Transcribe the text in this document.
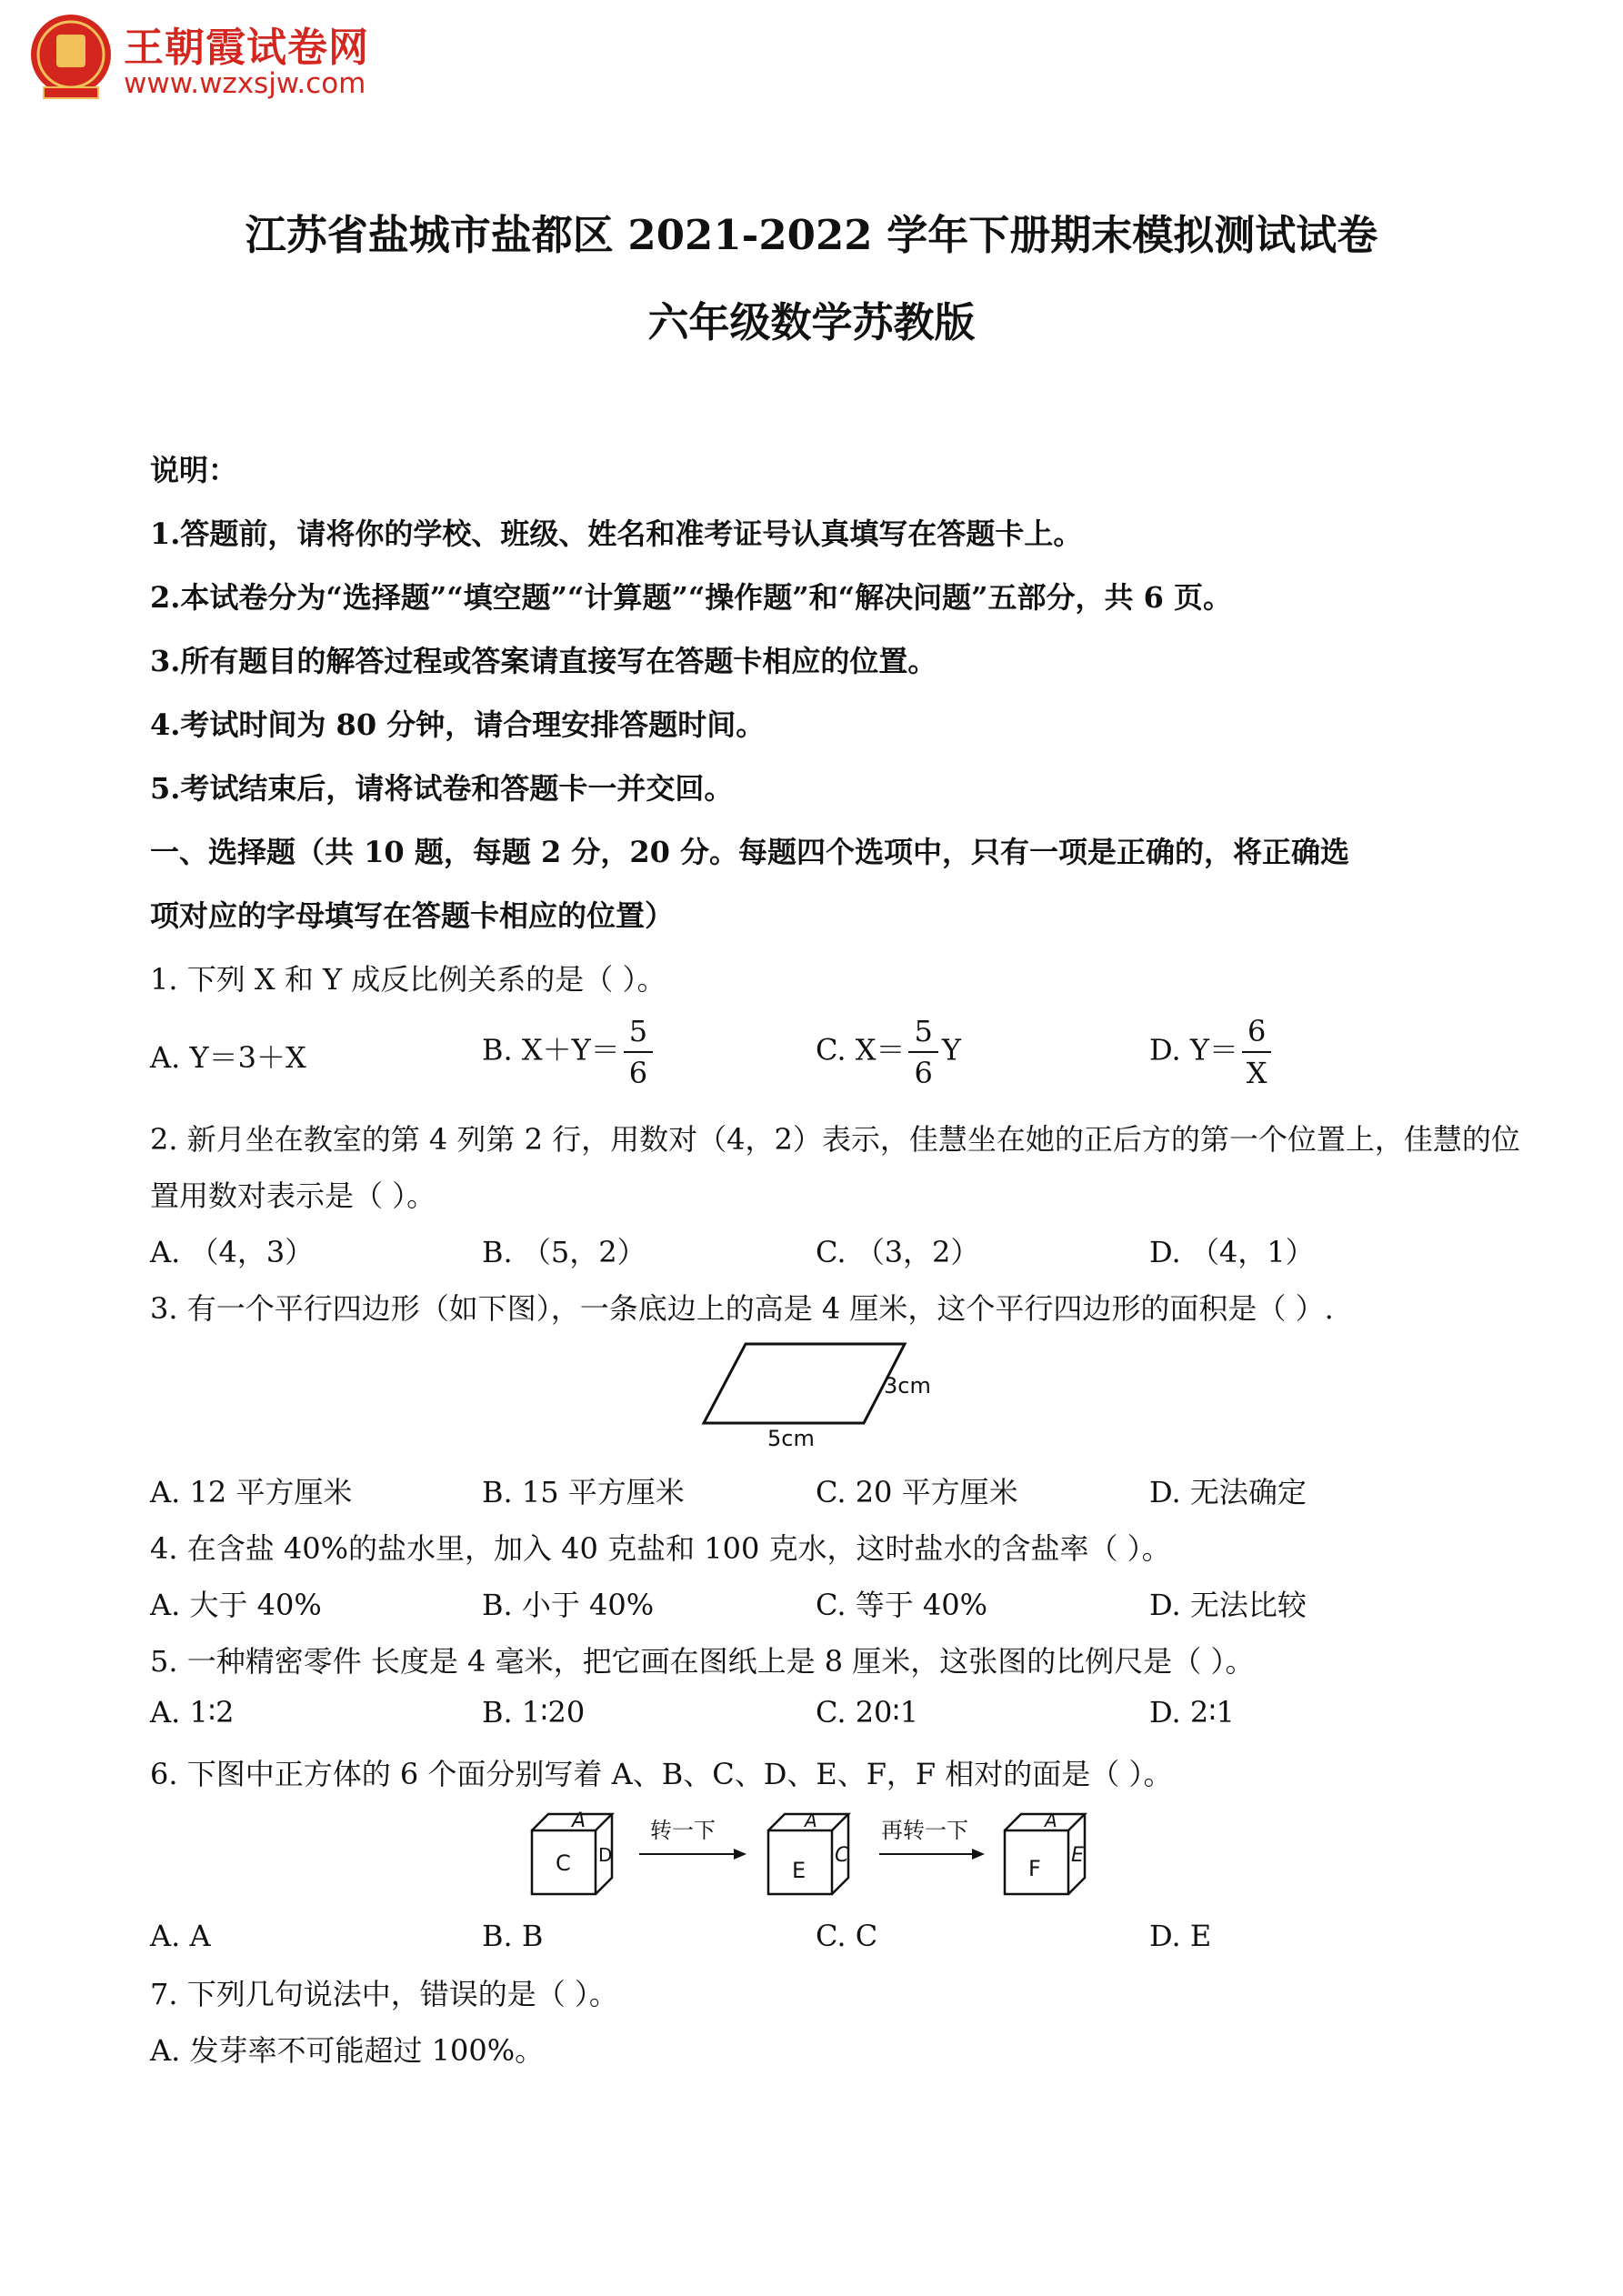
王朝霞试卷网
www.wzxsjw.com
江苏省盐城市盐都区 2021-2022 学年下册期末模拟测试试卷
六年级数学苏教版
说明：
1.答题前，请将你的学校、班级、姓名和准考证号认真填写在答题卡上。
2.本试卷分为“选择题”“填空题”“计算题”“操作题”和“解决问题”五部分，共 6 页。
3.所有题目的解答过程或答案请直接写在答题卡相应的位置。
4.考试时间为 80 分钟，请合理安排答题时间。
5.考试结束后，请将试卷和答题卡一并交回。
一、选择题（共 10 题，每题 2 分，20 分。每题四个选项中，只有一项是正确的，将正确选
项对应的字母填写在答题卡相应的位置）
1. 下列 X 和 Y 成反比例关系的是（ ）。
A. Y＝3＋X	B. $X+Y= \frac{5}{6}$	C. $X= \frac{5}{6}$ Y	D. $Y= \frac{6}{X}$
2. 新月坐在教室的第 4 列第 2 行，用数对（4，2）表示，佳慧坐在她的正后方的第一个位置上，佳慧的位
置用数对表示是（ ）。
A. （4，3）	B. （5，2）	C. （3，2）	D. （4，1）
3. 有一个平行四边形（如下图），一条底边上的高是 4 厘米，这个平行四边形的面积是（ ）.
3cm
5cm
A. 12 平方厘米	B. 15 平方厘米	C. 20 平方厘米	D. 无法确定
4. 在含盐 40%的盐水里，加入 40 克盐和 100 克水，这时盐水的含盐率（ ）。
A. 大于 40%	B. 小于 40%	C. 等于 40%	D. 无法比较
5. 一种精密零件 长度是 4 毫米，把它画在图纸上是 8 厘米，这张图的比例尺是（ ）。
A. 1∶2	B. 1∶20	C. 20∶1	D. 2∶1
6. 下图中正方体的 6 个面分别写着 A、B、C、D、E、F，F 相对的面是（ ）。
A
C D
转一下	A
E
C
再转一下	A
F
E
A. A	B. B	C. C	D. E
7. 下列几句说法中，错误的是（ ）。
A. 发芽率不可能超过 100%。
